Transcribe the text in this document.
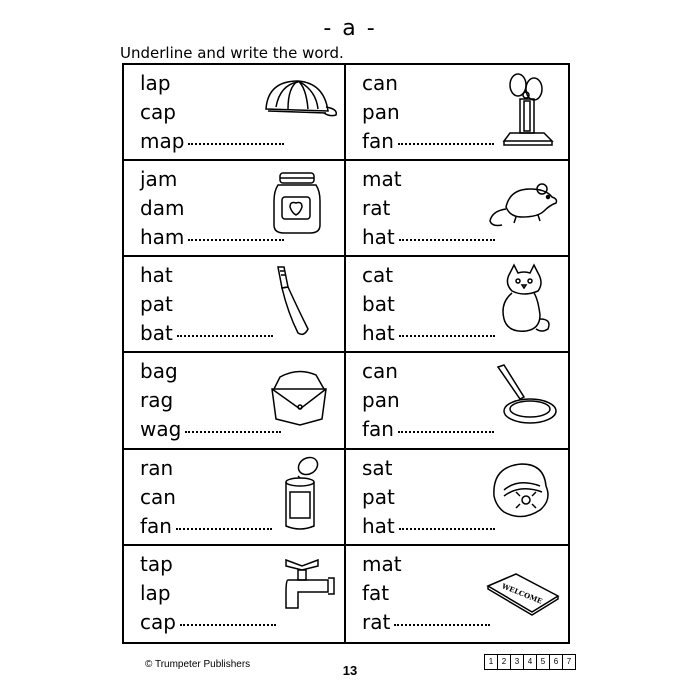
- a -
Underline and write the word.
lap
cap
map
can
pan
fan
jam
dam
ham
mat
rat
hat
hat
pat
bat
cat
bat
hat
bag
rag
wag
can
pan
fan
ran
can
fan
sat
pat
hat
tap
lap
cap
mat
fat
rat
WELCOME
© Trumpeter Publishers	13
1	2	3	4	5	6	7
